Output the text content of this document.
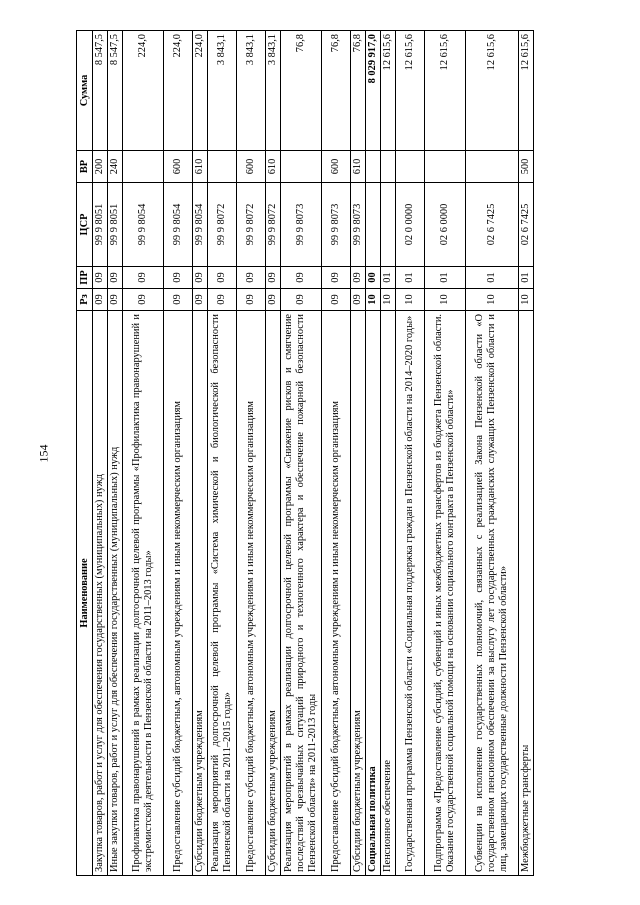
154
Наименование	Рз	ПР	ЦСР	ВР	Сумма
Закупка товаров, работ и услуг для обеспечения государственных (муниципальных) нужд	09	09	99 9 8051	200	8 547,5
Иные закупки товаров, работ и услуг для обеспечения государственных (муниципальных) нужд	09	09	99 9 8051	240	8 547,5
Профилактика правонарушений в рамках реализации долгосрочной целевой программы «Профилактика правонарушений и экстремистской деятельности в Пензенской области на 2011–2013 годы»	09	09	99 9 8054		224,0
Предоставление субсидий бюджетным, автономным учреждениям и иным некоммерческим организациям	09	09	99 9 8054	600	224,0
Субсидии бюджетным учреждениям	09	09	99 9 8054	610	224,0
Реализация мероприятий долгосрочной целевой программы «Система химической и биологической безопасности Пензенской области на 2011–2015 годы»	09	09	99 9 8072		3 843,1
Предоставление субсидий бюджетным, автономным учреждениям и иным некоммерческим организациям	09	09	99 9 8072	600	3 843,1
Субсидии бюджетным учреждениям	09	09	99 9 8072	610	3 843,1
Реализация мероприятий в рамках реализации долгосрочной целевой программы «Снижение рисков и смягчение последствий чрезвычайных ситуаций природного и техногенного характера и обеспечение пожарной безопасности Пензенской области» на 2011-2013 годы	09	09	99 9 8073		76,8
Предоставление субсидий бюджетным, автономным учреждениям и иным некоммерческим организациям	09	09	99 9 8073	600	76,8
Субсидии бюджетным учреждениям	09	09	99 9 8073	610	76,8
Социальная политика	10	00			8 029 917,0
Пенсионное обеспечение	10	01			12 615,6
Государственная программа Пензенской области «Социальная поддержка граждан в Пензенской области на 2014–2020 годы»	10	01	02 0 0000		12 615,6
Подпрограмма «Предоставление субсидий, субвенций и иных межбюджетных трансфертов из бюджета Пензенской области. Оказание государственной социальной помощи на основании социального контракта в Пензенской области»	10	01	02 6 0000		12 615,6
Субвенции на исполнение государственных полномочий, связанных с реализацией Закона Пензенской области «О государственном пенсионном обеспечении за выслугу лет государственных гражданских служащих Пензенской области и лиц, замещающих государственные должности Пензенской области»	10	01	02 6 7425		12 615,6
Межбюджетные трансферты	10	01	02 6 7425	500	12 615,6
